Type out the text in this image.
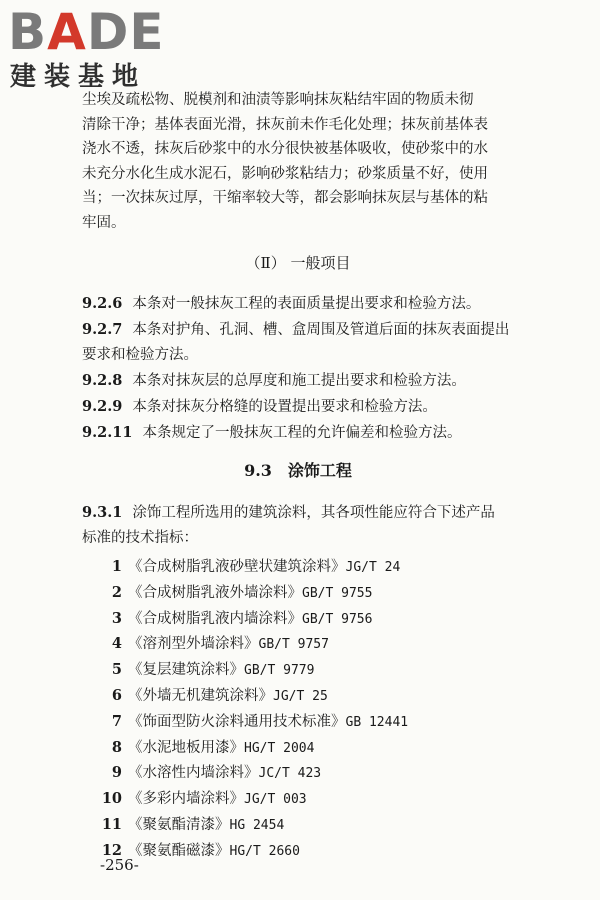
BADE
建装基地
尘埃及疏松物、脱模剂和油渍等影响抹灰粘结牢固的物质未彻
清除干净；基体表面光滑，抹灰前未作毛化处理；抹灰前基体表
浇水不透，抹灰后砂浆中的水分很快被基体吸收，使砂浆中的水
未充分水化生成水泥石，影响砂浆粘结力；砂浆质量不好，使用
当；一次抹灰过厚，干缩率较大等，都会影响抹灰层与基体的粘
牢固。
（Ⅱ） 一般项目
9.2.6 本条对一般抹灰工程的表面质量提出要求和检验方法。
9.2.7 本条对护角、孔洞、槽、盒周围及管道后面的抹灰表面提出
要求和检验方法。
9.2.8 本条对抹灰层的总厚度和施工提出要求和检验方法。
9.2.9 本条对抹灰分格缝的设置提出要求和检验方法。
9.2.11 本条规定了一般抹灰工程的允许偏差和检验方法。
9.3 涂饰工程
9.3.1 涂饰工程所选用的建筑涂料，其各项性能应符合下述产品
标准的技术指标：
1 《合成树脂乳液砂壁状建筑涂料》JG/T 24
2 《合成树脂乳液外墙涂料》GB/T 9755
3 《合成树脂乳液内墙涂料》GB/T 9756
4 《溶剂型外墙涂料》GB/T 9757
5 《复层建筑涂料》GB/T 9779
6 《外墙无机建筑涂料》JG/T 25
7 《饰面型防火涂料通用技术标准》GB 12441
8 《水泥地板用漆》HG/T 2004
9 《水溶性内墙涂料》JC/T 423
10 《多彩内墙涂料》JG/T 003
11 《聚氨酯清漆》HG 2454
12 《聚氨酯磁漆》HG/T 2660
-256-
